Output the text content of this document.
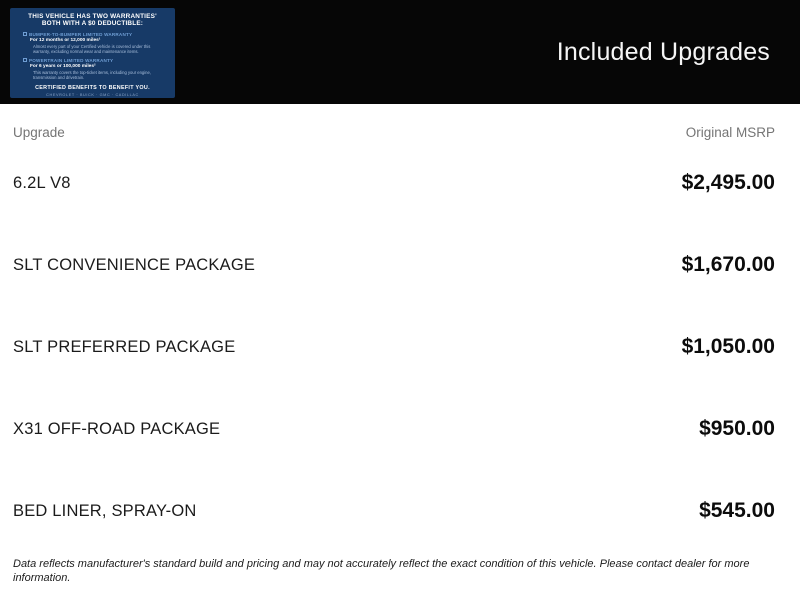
THIS VEHICLE HAS TWO WARRANTIES'
BOTH WITH A $0 DEDUCTIBLE:
BUMPER-TO-BUMPER LIMITED WARRANTY
For 12 months or 12,000 miles¹
Almost every part of your Certified vehicle is covered under this warranty, excluding normal wear and maintenance items.
POWERTRAIN LIMITED WARRANTY
For 6 years or 100,000 miles²
This warranty covers the top-ticket items, including your engine, transmission and drivetrain.
CERTIFIED BENEFITS TO BENEFIT YOU.
CHEVROLET · BUICK · GMC · CADILLAC
Included Upgrades
Upgrade	Original MSRP
6.2L V8	$2,495.00
SLT CONVENIENCE PACKAGE	$1,670.00
SLT PREFERRED PACKAGE	$1,050.00
X31 OFF-ROAD PACKAGE	$950.00
BED LINER, SPRAY-ON	$545.00
Data reflects manufacturer's standard build and pricing and may not accurately reflect the exact condition of this vehicle. Please contact dealer for more information.
